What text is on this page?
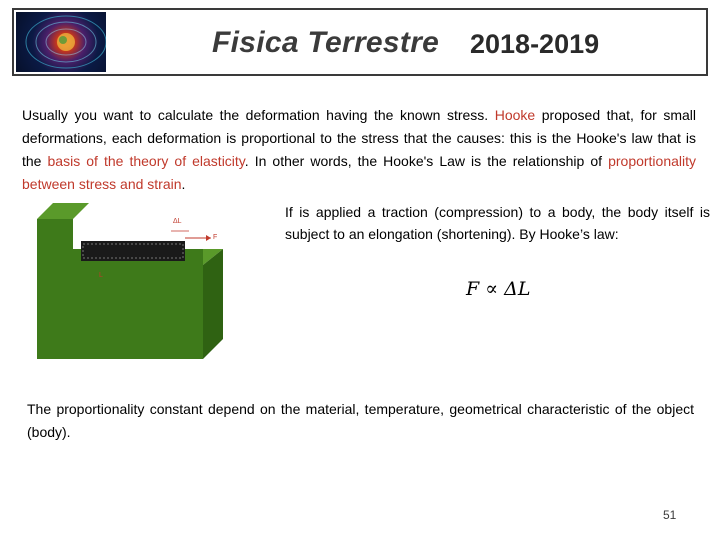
Fisica Terrestre 2018-2019
Usually you want to calculate the deformation having the known stress. Hooke proposed that, for small deformations, each deformation is proportional to the stress that the causes: this is the Hooke's law that is the basis of the theory of elasticity. In other words, the Hooke's Law is the relationship of proportionality between stress and strain.
ΔL
F
L
If is applied a traction (compression) to a body, the body itself is subject to an elongation (shortening). By Hooke’s law:
F ∝ ΔL
The proportionality constant depend on the material, temperature, geometrical characteristic of the object (body).
51
